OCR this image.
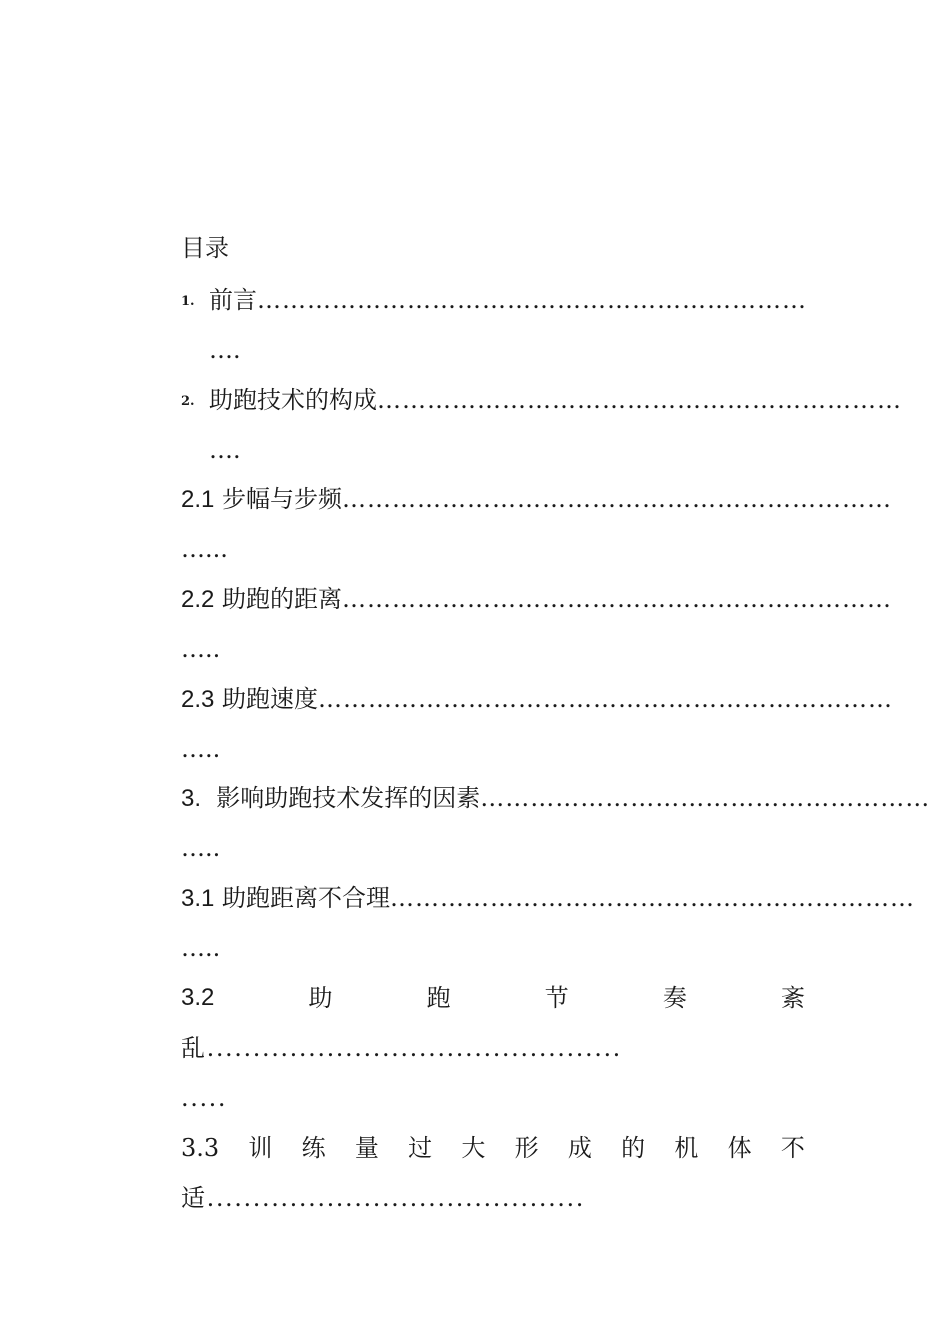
目录
1. 前言…………………………………………………………
….
2. 助跑技术的构成………………………………………………………
….
2.1 步幅与步频…………………………………………………………
…...
2.2 助跑的距离…………………………………………………………
…..
2.3 助跑速度……………………………………………………………
…..
3. 影响助跑技术发挥的因素………………………………………………
…..
3.1 助跑距离不合理………………………………………………………
…..
3.2	助	跑	节	奏	紊
乱.............................................
.....
3.3 训 练 量 过 大 形 成 的 机 体 不
适.........................................
